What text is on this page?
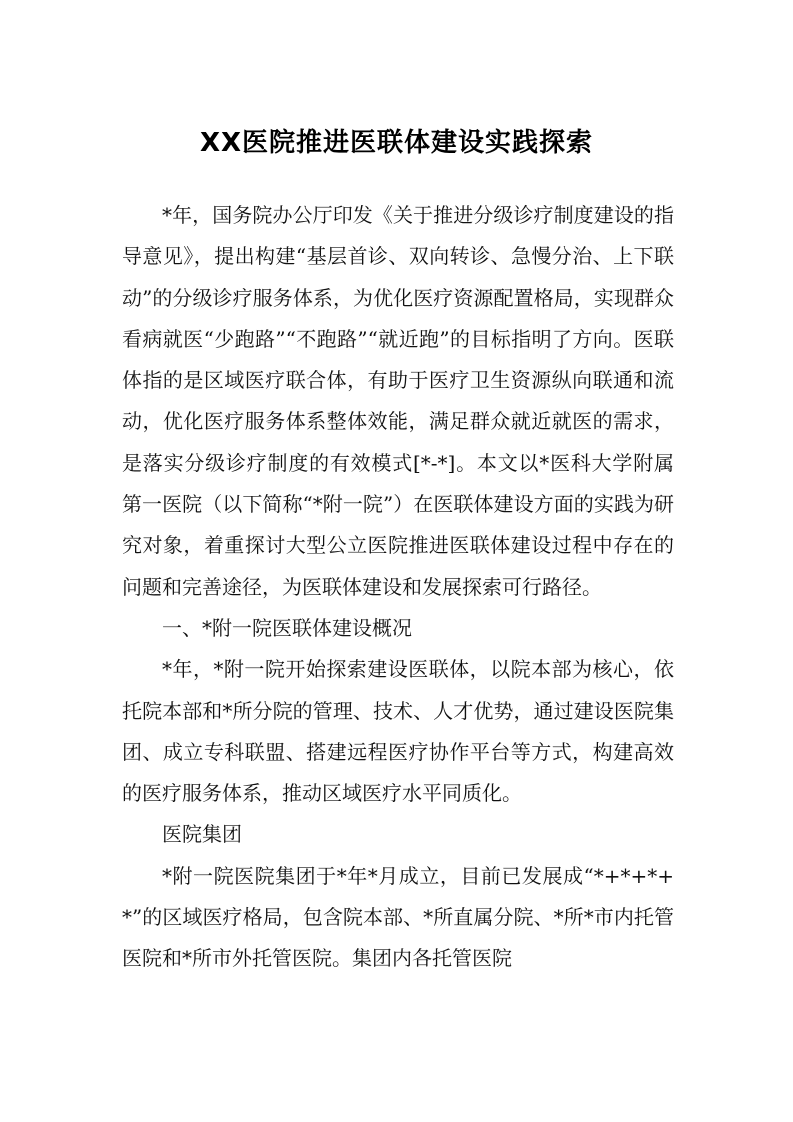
XX医院推进医联体建设实践探索

*年，国务院办公厅印发《关于推进分级诊疗制度建设的指导意见》，提出构建“基层首诊、双向转诊、急慢分治、上下联动”的分级诊疗服务体系，为优化医疗资源配置格局，实现群众看病就医“少跑路”“不跑路”“就近跑”的目标指明了方向。医联体指的是区域医疗联合体，有助于医疗卫生资源纵向联通和流动，优化医疗服务体系整体效能，满足群众就近就医的需求，是落实分级诊疗制度的有效模式[*-*]。本文以*医科大学附属第一医院（以下简称“*附一院”）在医联体建设方面的实践为研究对象，着重探讨大型公立医院推进医联体建设过程中存在的问题和完善途径，为医联体建设和发展探索可行路径。

一、*附一院医联体建设概况

*年，*附一院开始探索建设医联体，以院本部为核心，依托院本部和*所分院的管理、技术、人才优势，通过建设医院集团、成立专科联盟、搭建远程医疗协作平台等方式，构建高效的医疗服务体系，推动区域医疗水平同质化。

医院集团

*附一院医院集团于*年*月成立，目前已发展成“*+*+*+*”的区域医疗格局，包含院本部、*所直属分院、*所*市内托管医院和*所市外托管医院。集团内各托管医院
